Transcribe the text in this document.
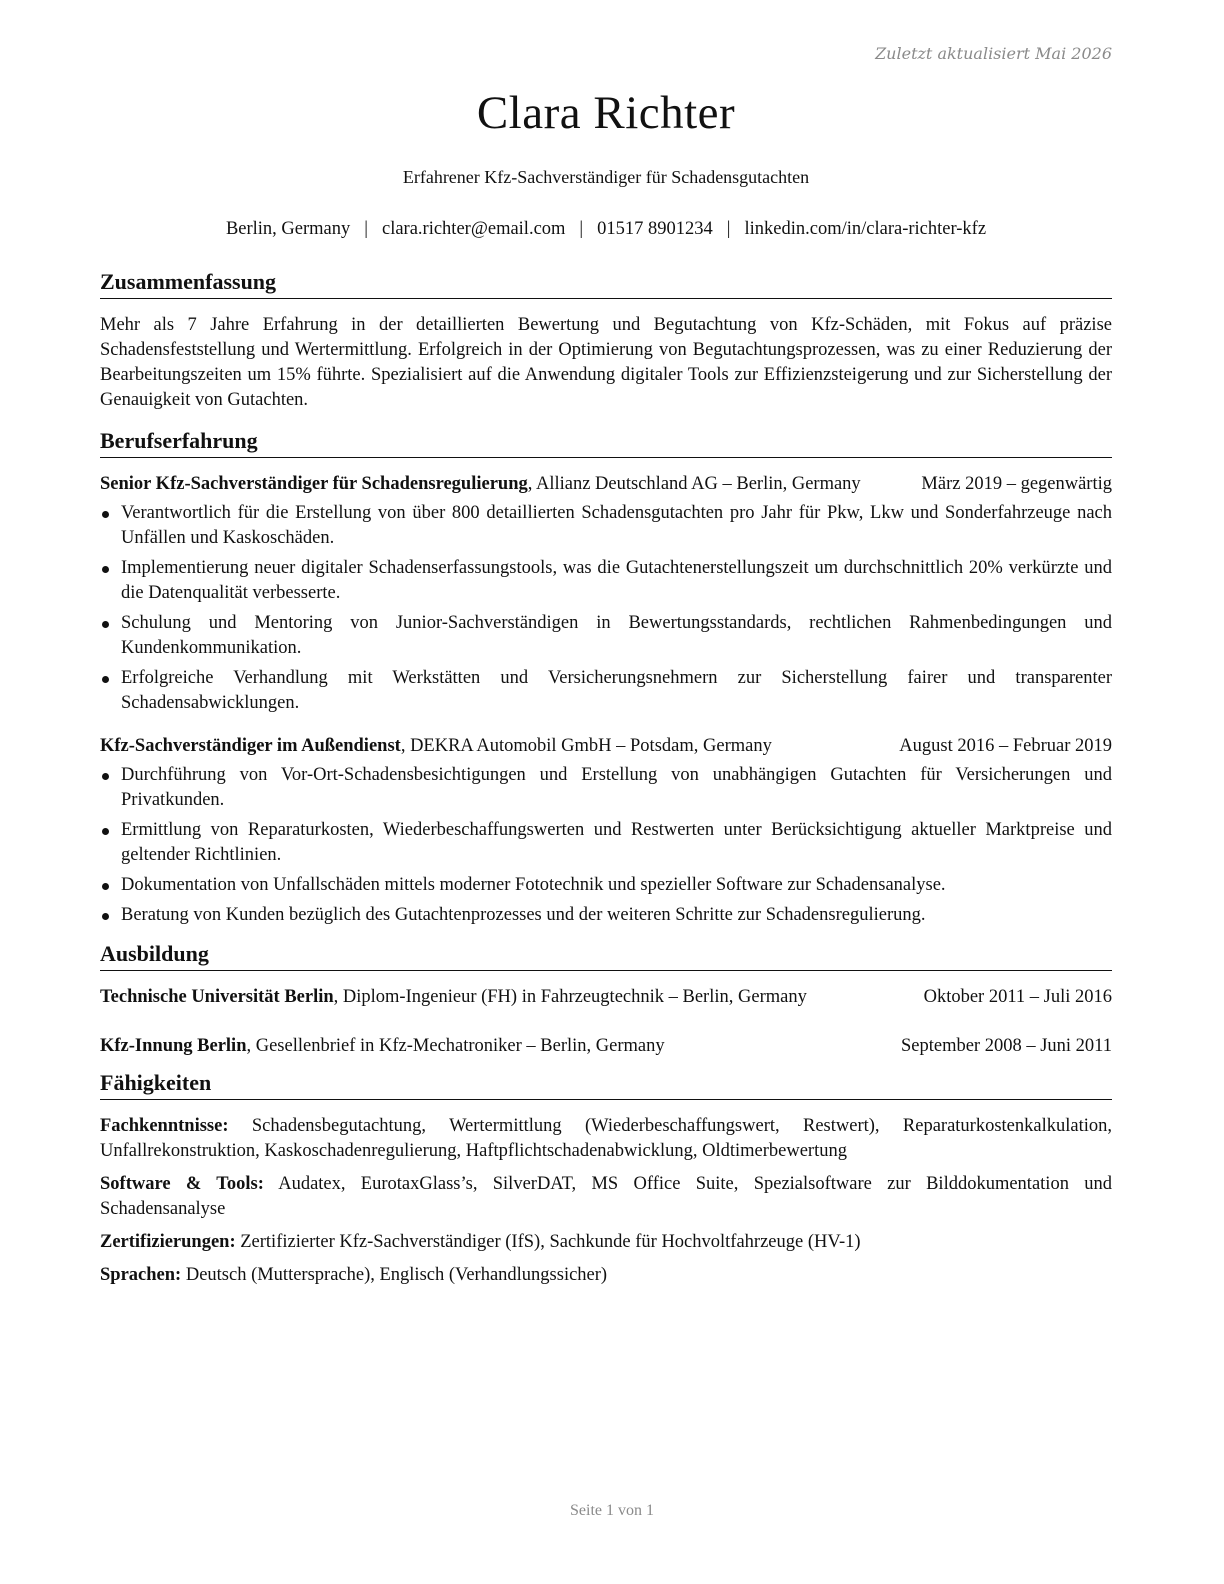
Zuletzt aktualisiert Mai 2026
Clara Richter
Erfahrener Kfz-Sachverständiger für Schadensgutachten
Berlin, Germany | clara.richter@email.com | 01517 8901234 | linkedin.com/in/clara-richter-kfz
Zusammenfassung

Mehr als 7 Jahre Erfahrung in der detaillierten Bewertung und Begutachtung von Kfz-Schäden, mit Fokus auf präzise Schadensfeststellung und Wertermittlung. Erfolgreich in der Optimierung von Begutachtungsprozessen, was zu einer Reduzierung der Bearbeitungszeiten um 15% führte. Spezialisiert auf die Anwendung digitaler Tools zur Effizienzsteigerung und zur Sicherstellung der Genauigkeit von Gutachten.

Berufserfahrung
Senior Kfz-Sachverständiger für Schadensregulierung, Allianz Deutschland AG – Berlin, Germany	März 2019 – gegenwärtig
Verantwortlich für die Erstellung von über 800 detaillierten Schadensgutachten pro Jahr für Pkw, Lkw und Sonderfahrzeuge nach Unfällen und Kaskoschäden.
Implementierung neuer digitaler Schadenserfassungstools, was die Gutachtenerstellungszeit um durchschnittlich 20% verkürzte und die Datenqualität verbesserte.
Schulung und Mentoring von Junior-Sachverständigen in Bewertungsstandards, rechtlichen Rahmenbedingungen und Kundenkommunikation.
Erfolgreiche Verhandlung mit Werkstätten und Versicherungsnehmern zur Sicherstellung fairer und transparenter Schadensabwicklungen.
Kfz-Sachverständiger im Außendienst, DEKRA Automobil GmbH – Potsdam, Germany	August 2016 – Februar 2019
Durchführung von Vor-Ort-Schadensbesichtigungen und Erstellung von unabhängigen Gutachten für Versicherungen und Privatkunden.
Ermittlung von Reparaturkosten, Wiederbeschaffungswerten und Restwerten unter Berücksichtigung aktueller Marktpreise und geltender Richtlinien.
Dokumentation von Unfallschäden mittels moderner Fototechnik und spezieller Software zur Schadensanalyse.
Beratung von Kunden bezüglich des Gutachtenprozesses und der weiteren Schritte zur Schadensregulierung.
Ausbildung
Technische Universität Berlin, Diplom-Ingenieur (FH) in Fahrzeugtechnik – Berlin, Germany	Oktober 2011 – Juli 2016
Kfz-Innung Berlin, Gesellenbrief in Kfz-Mechatroniker – Berlin, Germany	September 2008 – Juni 2011
Fähigkeiten
Fachkenntnisse: Schadensbegutachtung, Wertermittlung (Wiederbeschaffungswert, Restwert), Reparaturkostenkalkulation, Unfallrekonstruktion, Kaskoschadenregulierung, Haftpflichtschadenabwicklung, Oldtimerbewertung
Software & Tools: Audatex, EurotaxGlass’s, SilverDAT, MS Office Suite, Spezialsoftware zur Bilddokumentation und Schadensanalyse
Zertifizierungen: Zertifizierter Kfz-Sachverständiger (IfS), Sachkunde für Hochvoltfahrzeuge (HV-1)
Sprachen: Deutsch (Muttersprache), Englisch (Verhandlungssicher)
Seite 1 von 1
